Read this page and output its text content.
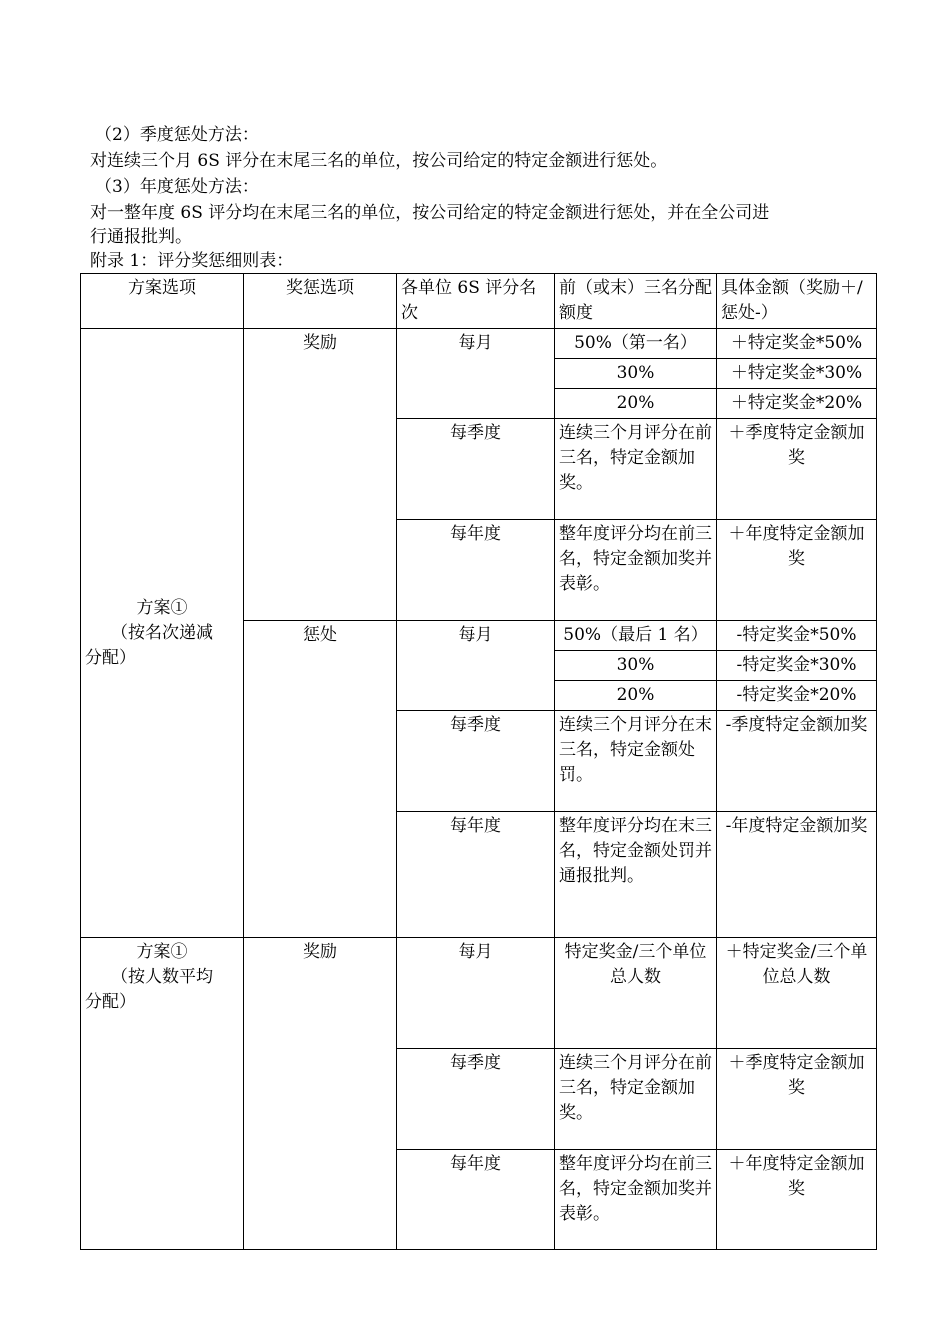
（2）季度惩处方法：
对连续三个月 6S 评分在末尾三名的单位，按公司给定的特定金额进行惩处。
（3）年度惩处方法：
对一整年度 6S 评分均在末尾三名的单位，按公司给定的特定金额进行惩处，并在全公司进
行通报批判。
附录 1：评分奖惩细则表：
方案选项	奖惩选项	各单位 6S 评分名次	前（或末）三名分配额度	具体金额（奖励＋/惩处-）

方案①
（按名次递减
分配）	奖励	每月	50%（第一名）	＋特定奖金*50%
			30%	＋特定奖金*30%
			20%	＋特定奖金*20%
		每季度	连续三个月评分在前三名，特定金额加奖。	＋季度特定金额加奖
		每年度	整年度评分均在前三名，特定金额加奖并表彰。	＋年度特定金额加奖
	惩处	每月	50%（最后 1 名）	-特定奖金*50%
			30%	-特定奖金*30%
			20%	-特定奖金*20%
		每季度	连续三个月评分在末三名，特定金额处罚。	-季度特定金额加奖
		每年度	整年度评分均在末三名，特定金额处罚并通报批判。	-年度特定金额加奖

方案①
（按人数平均
分配）	奖励	每月	特定奖金/三个单位总人数	＋特定奖金/三个单位总人数
		每季度	连续三个月评分在前三名，特定金额加奖。	＋季度特定金额加奖
		每年度	整年度评分均在前三名，特定金额加奖并表彰。	＋年度特定金额加奖
